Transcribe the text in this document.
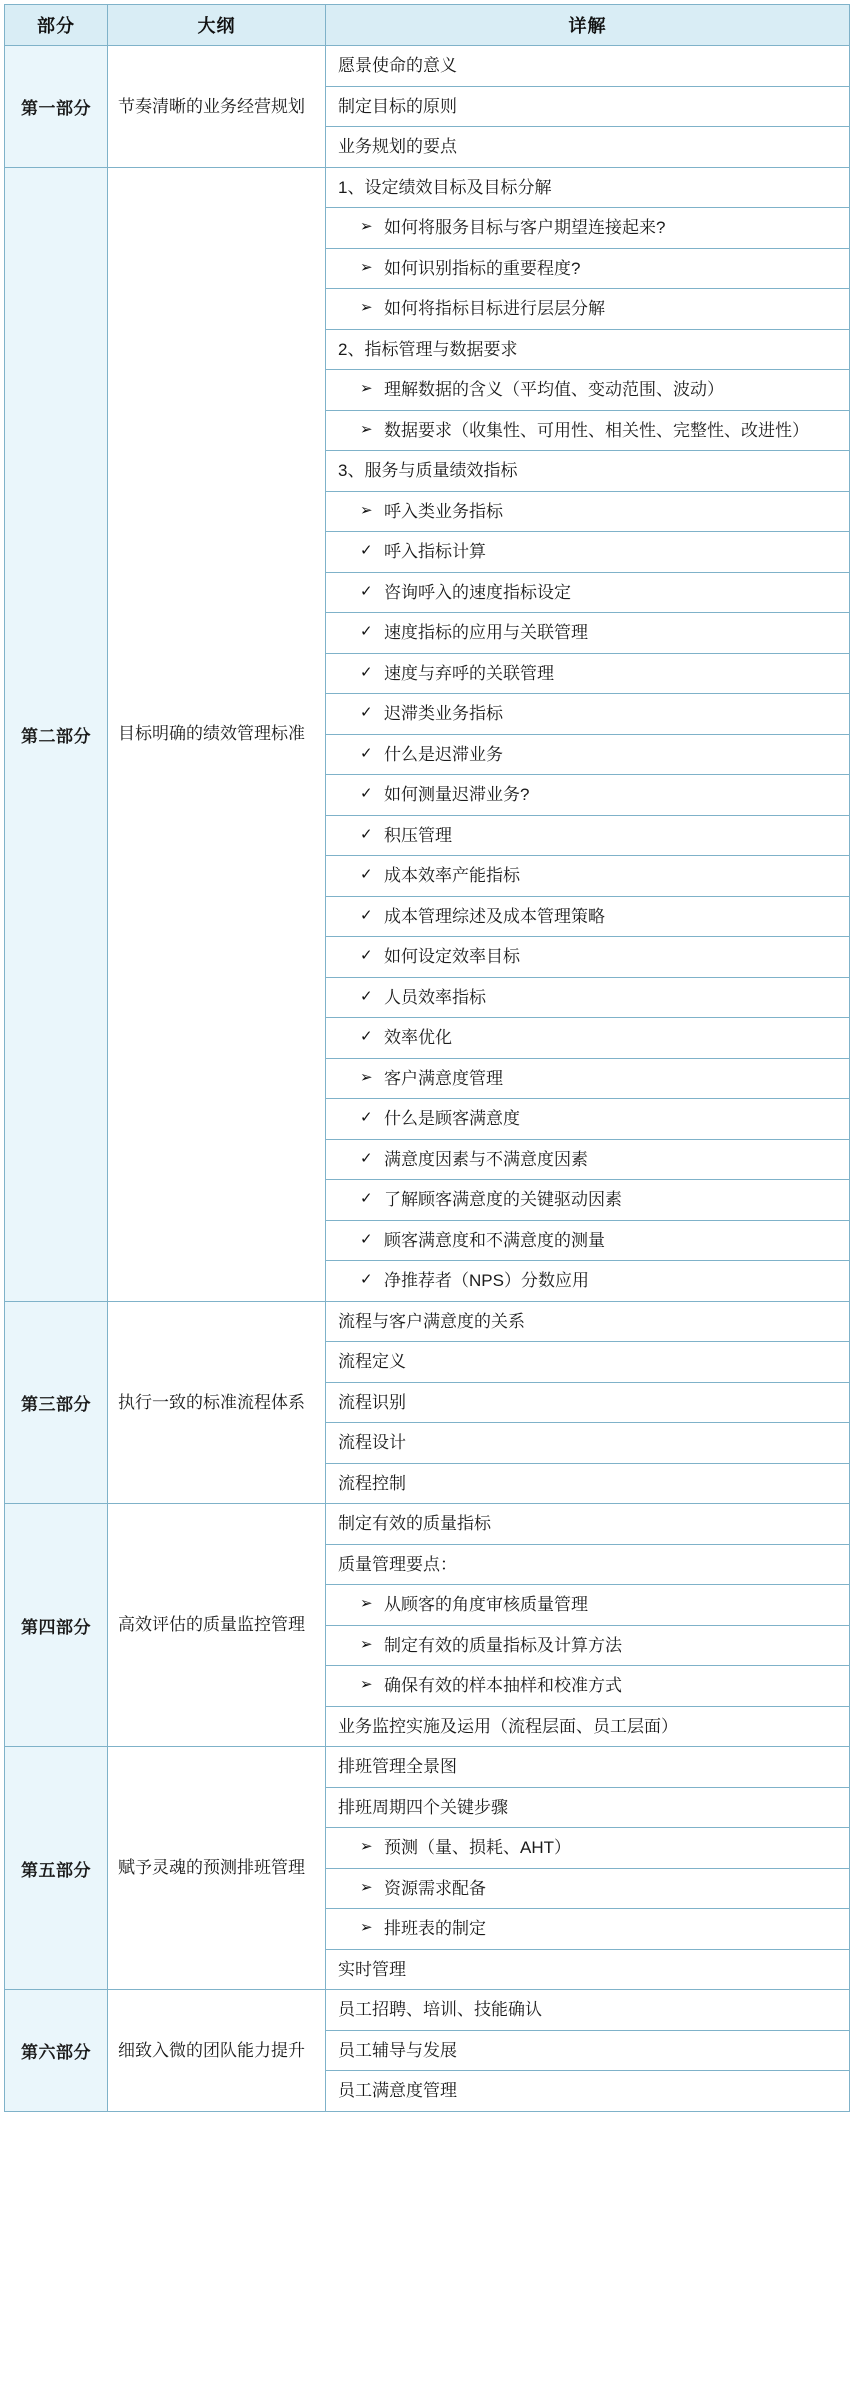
部分	大纲	详解
第一部分	节奏清晰的业务经营规划	愿景使命的意义

		制定目标的原则

		业务规划的要点

第二部分	目标明确的绩效管理标准	1、设定绩效目标及目标分解

		➢ 如何将服务目标与客户期望连接起来?

		➢ 如何识别指标的重要程度?

		➢ 如何将指标目标进行层层分解

		2、指标管理与数据要求

		➢ 理解数据的含义（平均值、变动范围、波动）

		➢ 数据要求（收集性、可用性、相关性、完整性、改进性）

		3、服务与质量绩效指标

		➢ 呼入类业务指标

		✓ 呼入指标计算

		✓ 咨询呼入的速度指标设定

		✓ 速度指标的应用与关联管理

		✓ 速度与弃呼的关联管理

		✓ 迟滞类业务指标

		✓ 什么是迟滞业务

		✓ 如何测量迟滞业务?

		✓ 积压管理

		✓ 成本效率产能指标

		✓ 成本管理综述及成本管理策略

		✓ 如何设定效率目标

		✓ 人员效率指标

		✓ 效率优化

		➢ 客户满意度管理

		✓ 什么是顾客满意度

		✓ 满意度因素与不满意度因素

		✓ 了解顾客满意度的关键驱动因素

		✓ 顾客满意度和不满意度的测量

		✓ 净推荐者（NPS）分数应用

第三部分	执行一致的标准流程体系	流程与客户满意度的关系

		流程定义

		流程识别

		流程设计

		流程控制

第四部分	高效评估的质量监控管理	制定有效的质量指标

		质量管理要点：

		➢ 从顾客的角度审核质量管理

		➢ 制定有效的质量指标及计算方法

		➢ 确保有效的样本抽样和校准方式

		业务监控实施及运用（流程层面、员工层面）

第五部分	赋予灵魂的预测排班管理	排班管理全景图

		排班周期四个关键步骤

		➢ 预测（量、损耗、AHT）

		➢ 资源需求配备

		➢ 排班表的制定

		实时管理

第六部分	细致入微的团队能力提升	员工招聘、培训、技能确认

		员工辅导与发展

		员工满意度管理
